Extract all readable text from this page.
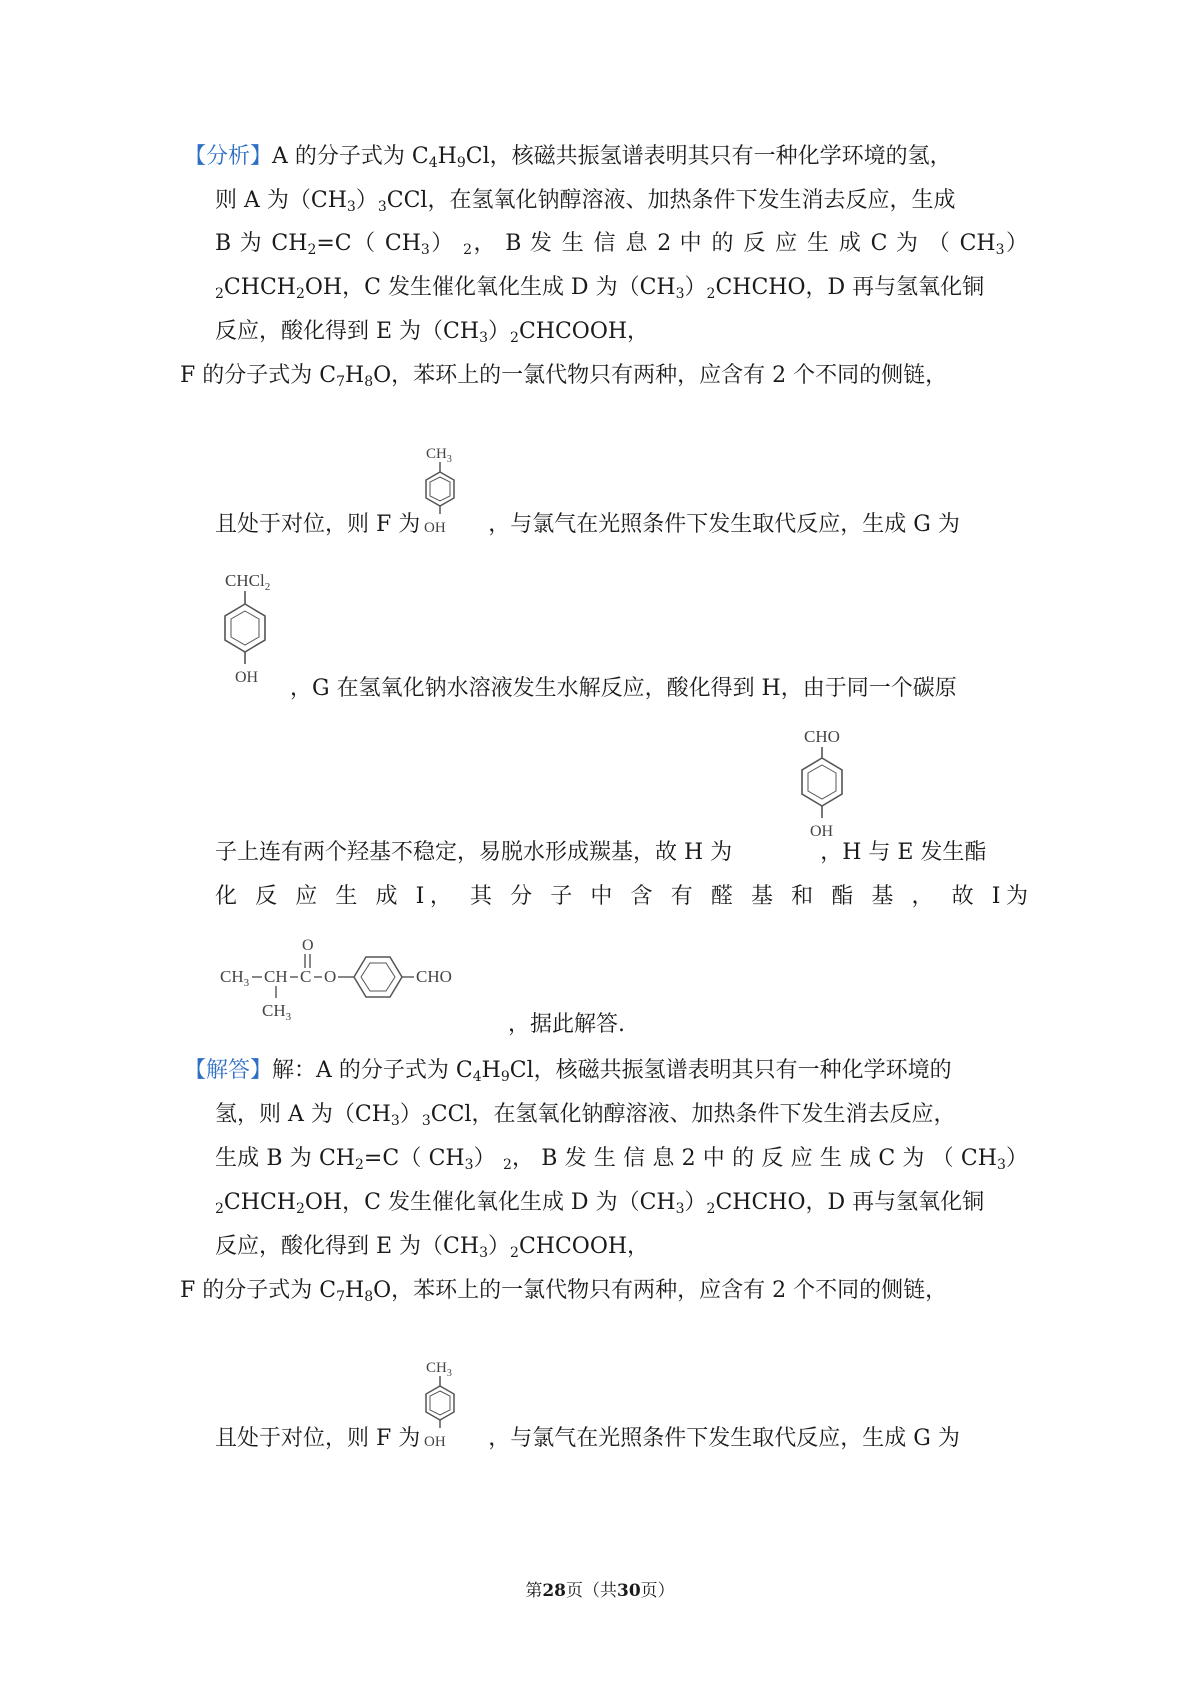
【分析】A 的分子式为 $C_4H_9Cl$，核磁共振氢谱表明其只有一种化学环境的氢，
则 A 为$(CH_3)_3CCl$，在氢氧化钠醇溶液、加热条件下发生消去反应，生成
B 为 $CH_2=C$（ $CH_3$） $_2$， B 发 生 信 息 2 中 的 反 应 生 成 C 为 （ $CH_3$）
$_2CHCH_2OH$，C 发生催化氧化生成 D 为$(CH_3)_2CHCHO$，D 再与氢氧化铜
反应，酸化得到 E 为$(CH_3)_2CHCOOH$，
F 的分子式为 $C_7H_8O$，苯环上的一氯代物只有两种，应含有 2 个不同的侧链，
$CH_3$
OH
且处于对位，则 F 为	，与氯气在光照条件下发生取代反应，生成 G 为
CHCl$_2$
OH ，G 在氢氧化钠水溶液发生水解反应，酸化得到 H，由于同一个碳原
CHO
OH
子上连有两个羟基不稳定，易脱水形成羰基，故 H 为	，H 与 E 发生酯
化 反 应 生 成 I， 其 分 子 中 含 有 醛 基 和 酯 基 ， 故 I为
O
$CH_3$ CH C O	CHO
$CH_3$	，据此解答.
【解答】解：A 的分子式为 $C_4H_9Cl$，核磁共振氢谱表明其只有一种化学环境的
氢，则 A 为$(CH_3)_3CCl$，在氢氧化钠醇溶液、加热条件下发生消去反应，
生成 B 为 $CH_2=C$（ $CH_3$） $_2$， B 发 生 信 息 2 中 的 反 应 生 成 C 为 （ $CH_3$）
$_2CHCH_2OH$，C 发生催化氧化生成 D 为$(CH_3)_2CHCHO$，D 再与氢氧化铜
反应，酸化得到 E 为$(CH_3)_2CHCOOH$，
F 的分子式为 $C_7H_8O$，苯环上的一氯代物只有两种，应含有 2 个不同的侧链，
$CH_3$
OH
且处于对位，则 F 为	，与氯气在光照条件下发生取代反应，生成 G 为
第28页（共30页）
